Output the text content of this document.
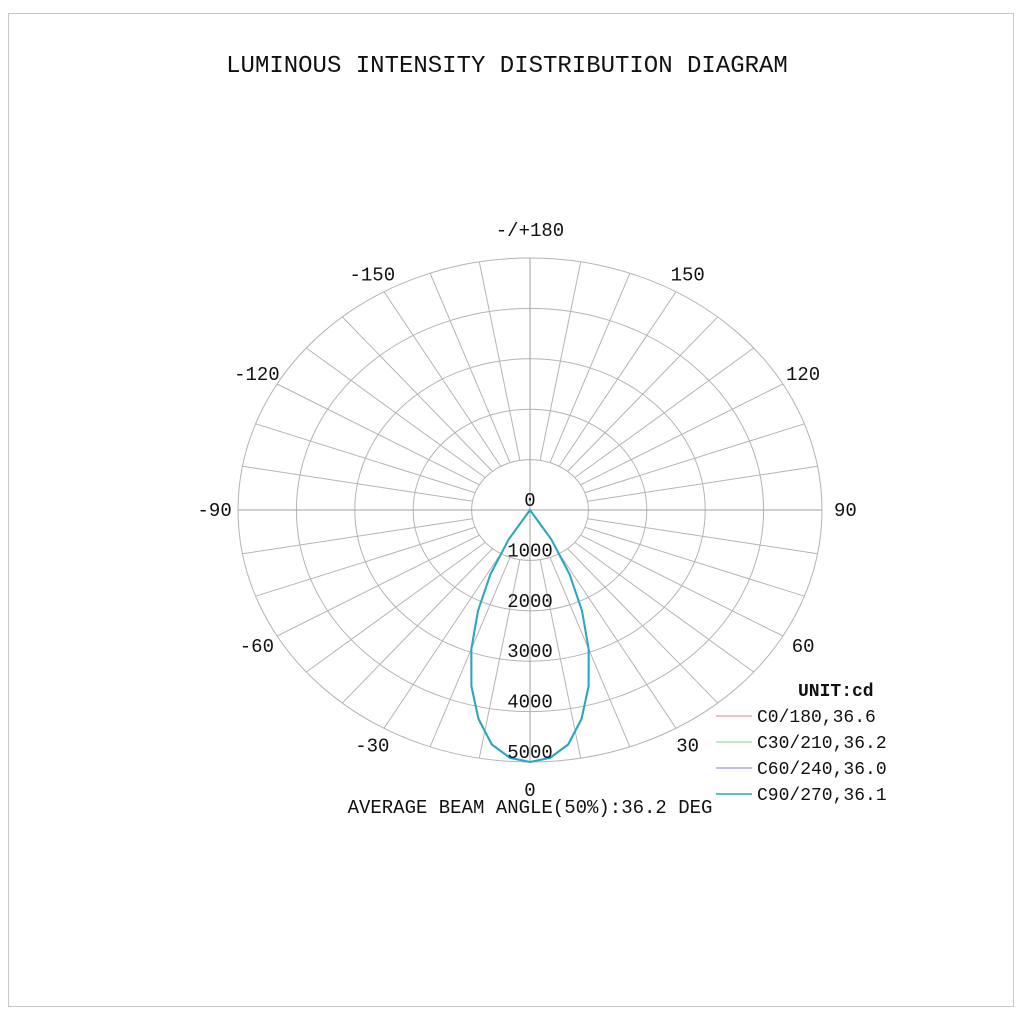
LUMINOUS INTENSITY DISTRIBUTION DIAGRAM
-/+180
-150	150
-120	120
-90	90
-60	60
-30	30
0
0
1000
2000
3000
4000
5000
UNIT:cd
C0/180,36.6
C30/210,36.2
C60/240,36.0
C90/270,36.1
AVERAGE BEAM ANGLE(50%):36.2 DEG
